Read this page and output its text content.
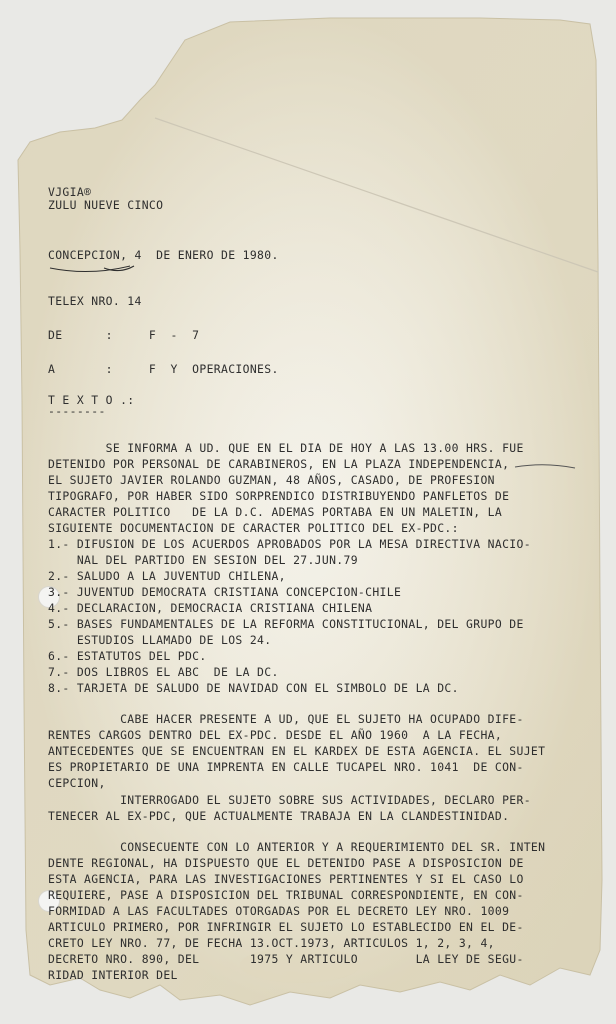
VJGIA®
ZULU NUEVE CINCO
CONCEPCION, 4  DE ENERO DE 1980.
TELEX NRO. 14
DE      :     F  -  7
A       :     F  Y  OPERACIONES.
T E X T O .:
--------
SE INFORMA A UD. QUE EN EL DIA DE HOY A LAS 13.00 HRS. FUE
DETENIDO POR PERSONAL DE CARABINEROS, EN LA PLAZA INDEPENDENCIA,
EL SUJETO JAVIER ROLANDO GUZMAN, 48 AÑOS, CASADO, DE PROFESION
TIPOGRAFO, POR HABER SIDO SORPRENDICO DISTRIBUYENDO PANFLETOS DE
CARACTER POLITICO   DE LA D.C. ADEMAS PORTABA EN UN MALETIN, LA
SIGUIENTE DOCUMENTACION DE CARACTER POLITICO DEL EX-PDC.:
1.- DIFUSION DE LOS ACUERDOS APROBADOS POR LA MESA DIRECTIVA NACIO-
NAL DEL PARTIDO EN SESION DEL 27.JUN.79
2.- SALUDO A LA JUVENTUD CHILENA,
3.- JUVENTUD DEMOCRATA CRISTIANA CONCEPCION-CHILE
4.- DECLARACION, DEMOCRACIA CRISTIANA CHILENA
5.- BASES FUNDAMENTALES DE LA REFORMA CONSTITUCIONAL, DEL GRUPO DE
ESTUDIOS LLAMADO DE LOS 24.
6.- ESTATUTOS DEL PDC.
7.- DOS LIBROS EL ABC  DE LA DC.
8.- TARJETA DE SALUDO DE NAVIDAD CON EL SIMBOLO DE LA DC.
CABE HACER PRESENTE A UD, QUE EL SUJETO HA OCUPADO DIFE-
RENTES CARGOS DENTRO DEL EX-PDC. DESDE EL AÑO 1960  A LA FECHA,
ANTECEDENTES QUE SE ENCUENTRAN EN EL KARDEX DE ESTA AGENCIA. EL SUJET
ES PROPIETARIO DE UNA IMPRENTA EN CALLE TUCAPEL NRO. 1041  DE CON-
CEPCION,
INTERROGADO EL SUJETO SOBRE SUS ACTIVIDADES, DECLARO PER-
TENECER AL EX-PDC, QUE ACTUALMENTE TRABAJA EN LA CLANDESTINIDAD.
CONSECUENTE CON LO ANTERIOR Y A REQUERIMIENTO DEL SR. INTEN
DENTE REGIONAL, HA DISPUESTO QUE EL DETENIDO PASE A DISPOSICION DE
ESTA AGENCIA, PARA LAS INVESTIGACIONES PERTINENTES Y SI EL CASO LO
REQUIERE, PASE A DISPOSICION DEL TRIBUNAL CORRESPONDIENTE, EN CON-
FORMIDAD A LAS FACULTADES OTORGADAS POR EL DECRETO LEY NRO. 1009
ARTICULO PRIMERO, POR INFRINGIR EL SUJETO LO ESTABLECIDO EN EL DE-
CRETO LEY NRO. 77, DE FECHA 13.OCT.1973, ARTICULOS 1, 2, 3, 4,
DECRETO NRO. 890, DEL       1975 Y ARTICULO        LA LEY DE SEGU-
RIDAD INTERIOR DEL
